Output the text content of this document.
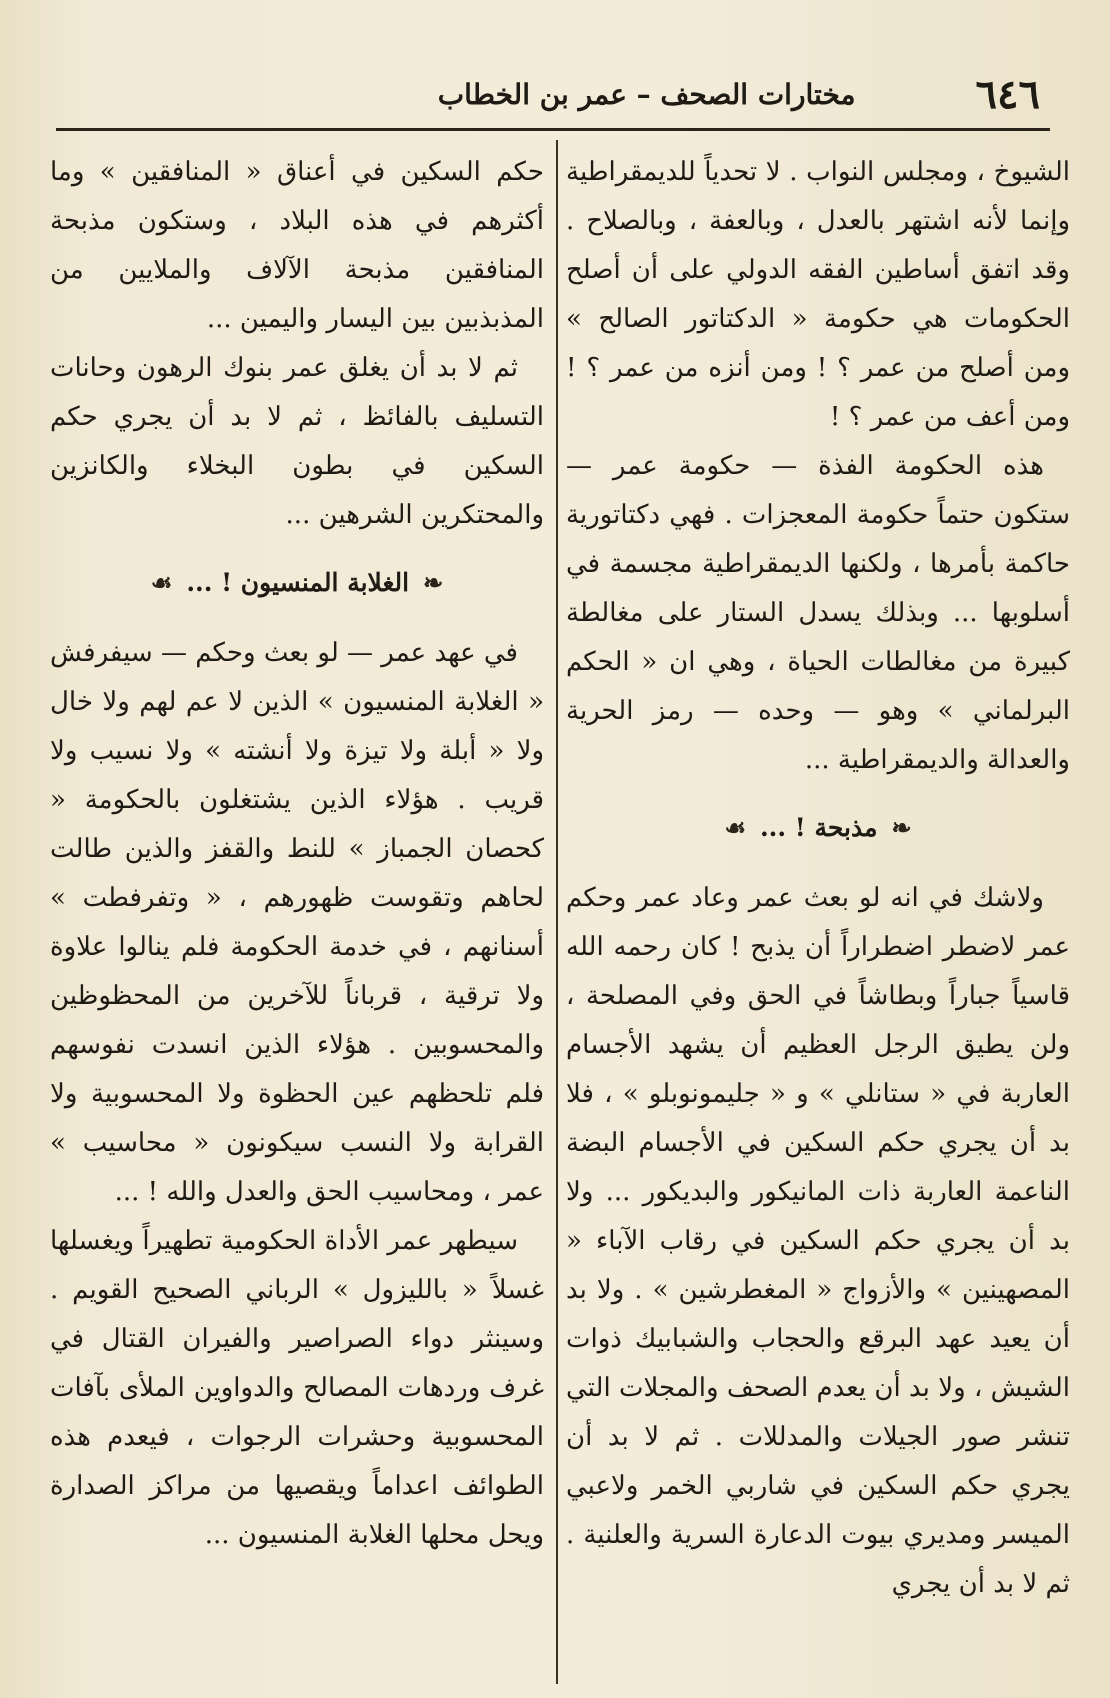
٦٤٦
مختارات الصحف – عمر بن الخطاب

الشيوخ ، ومجلس النواب . لا تحدياً للديمقراطية وإنما لأنه اشتهر بالعدل ، وبالعفة ، وبالصلاح . وقد اتفق أساطين الفقه الدولي على أن أصلح الحكومات هي حكومة « الدكتاتور الصالح » ومن أصلح من عمر ؟ ! ومن أنزه من عمر ؟ ! ومن أعف من عمر ؟ !

هذه الحكومة الفذة — حكومة عمر — ستكون حتماً حكومة المعجزات . فهي دكتاتورية حاكمة بأمرها ، ولكنها الديمقراطية مجسمة في أسلوبها ... وبذلك يسدل الستار على مغالطة كبيرة من مغالطات الحياة ، وهي ان « الحكم البرلماني » وهو — وحده — رمز الحرية والعدالة والديمقراطية ...

❧
مذبحة ! ...
☙

ولاشك في انه لو بعث عمر وعاد عمر وحكم عمر لاضطر اضطراراً أن يذبح ! كان رحمه الله قاسياً جباراً وبطاشاً في الحق وفي المصلحة ، ولن يطيق الرجل العظيم أن يشهد الأجسام العاربة في « ستانلي » و « جليمونوبلو » ، فلا بد أن يجري حكم السكين في الأجسام البضة الناعمة العاربة ذات المانيكور والبديكور ... ولا بد أن يجري حكم السكين في رقاب الآباء « المصهينين » والأزواج « المغطرشين » . ولا بد أن يعيد عهد البرقع والحجاب والشبابيك ذوات الشيش ، ولا بد أن يعدم الصحف والمجلات التي تنشر صور الجيلات والمدللات . ثم لا بد أن يجري حكم السكين في شاربي الخمر ولاعبي الميسر ومديري بيوت الدعارة السرية والعلنية . ثم لا بد أن يجري

حكم السكين في أعناق « المنافقين » وما أكثرهم في هذه البلاد ، وستكون مذبحة المنافقين مذبحة الآلاف والملايين من المذبذبين بين اليسار واليمين ...

ثم لا بد أن يغلق عمر بنوك الرهون وحانات التسليف بالفائظ ، ثم لا بد أن يجري حكم السكين في بطون البخلاء والكانزين والمحتكرين الشرهين ...

❧
الغلابة المنسيون ! ...
☙

في عهد عمر — لو بعث وحكم — سيفرفش « الغلابة المنسيون » الذين لا عم لهم ولا خال ولا « أبلة ولا تيزة ولا أنشته » ولا نسيب ولا قريب . هؤلاء الذين يشتغلون بالحكومة « كحصان الجمباز » للنط والقفز والذين طالت لحاهم وتقوست ظهورهم ، « وتفرفطت » أسنانهم ، في خدمة الحكومة فلم ينالوا علاوة ولا ترقية ، قرباناً للآخرين من المحظوظين والمحسوبين . هؤلاء الذين انسدت نفوسهم فلم تلحظهم عين الحظوة ولا المحسوبية ولا القرابة ولا النسب سيكونون « محاسيب » عمر ، ومحاسيب الحق والعدل والله ! ...

سيطهر عمر الأداة الحكومية تطهيراً ويغسلها غسلاً « بالليزول » الرباني الصحيح القويم . وسينثر دواء الصراصير والفيران القتال في غرف وردهات المصالح والدواوين الملأى بآفات المحسوبية وحشرات الرجوات ، فيعدم هذه الطوائف اعداماً ويقصيها من مراكز الصدارة ويحل محلها الغلابة المنسيون ...
